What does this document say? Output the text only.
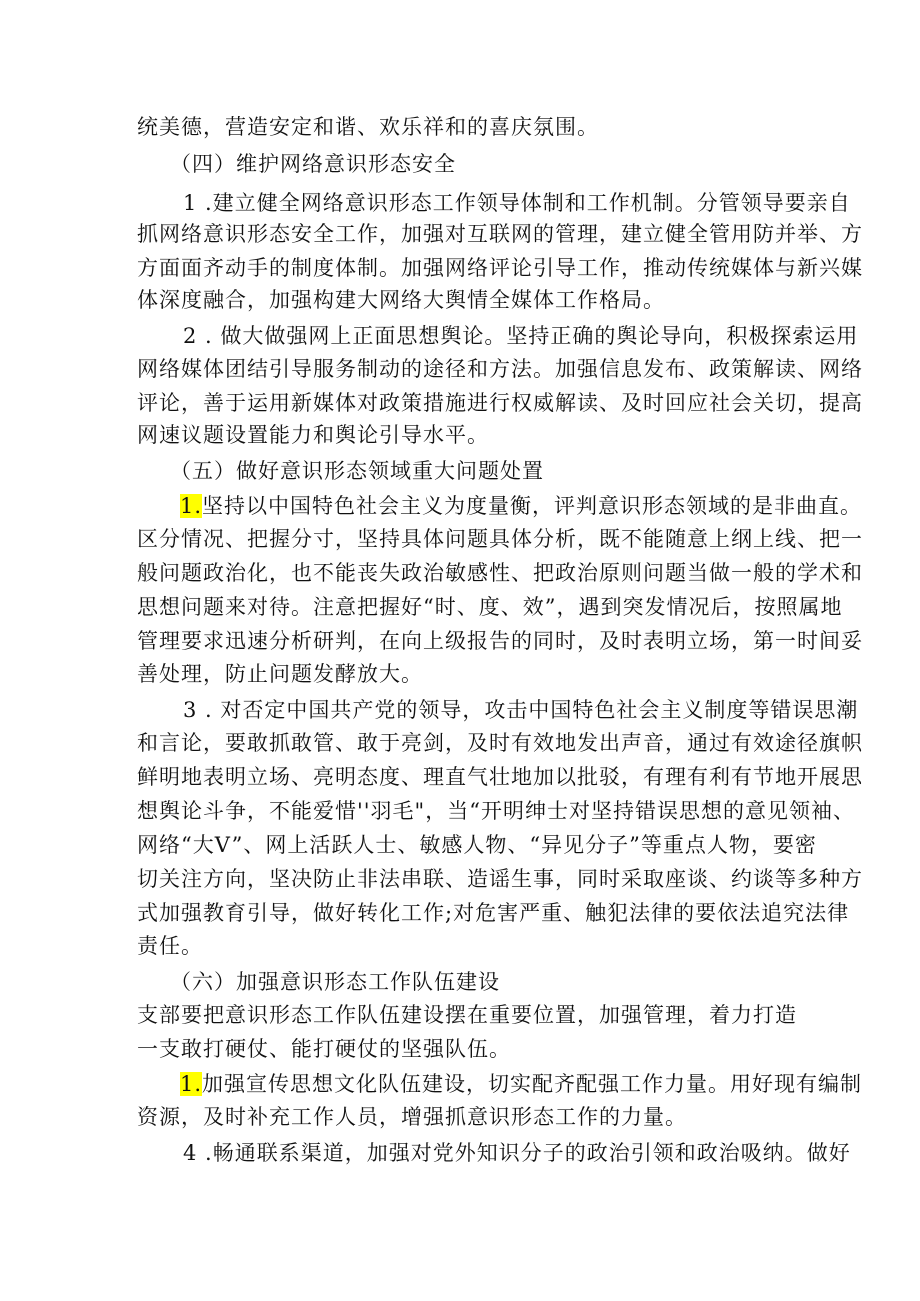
统美德，营造安定和谐、欢乐祥和的喜庆氛围。
（四）维护网络意识形态安全
1 .建立健全网络意识形态工作领导体制和工作机制。分管领导要亲自
抓网络意识形态安全工作，加强对互联网的管理，建立健全管用防并举、方
方面面齐动手的制度体制。加强网络评论引导工作，推动传统媒体与新兴媒
体深度融合，加强构建大网络大舆情全媒体工作格局。
2 . 做大做强网上正面思想舆论。坚持正确的舆论导向，积极探索运用
网络媒体团结引导服务制动的途径和方法。加强信息发布、政策解读、网络
评论，善于运用新媒体对政策措施进行权威解读、及时回应社会关切，提高
网速议题设置能力和舆论引导水平。
（五）做好意识形态领域重大问题处置
1.坚持以中国特色社会主义为度量衡，评判意识形态领域的是非曲直。
区分情况、把握分寸，坚持具体问题具体分析，既不能随意上纲上线、把一
般问题政治化，也不能丧失政治敏感性、把政治原则问题当做一般的学术和
思想问题来对待。注意把握好“时、度、效”，遇到突发情况后，按照属地
管理要求迅速分析研判，在向上级报告的同时，及时表明立场，第一时间妥
善处理，防止问题发酵放大。
3 . 对否定中国共产党的领导，攻击中国特色社会主义制度等错误思潮
和言论，要敢抓敢管、敢于亮剑，及时有效地发出声音，通过有效途径旗帜
鲜明地表明立场、亮明态度、理直气壮地加以批驳，有理有利有节地开展思
想舆论斗争，不能爱惜''羽毛"，当“开明绅士对坚持错误思想的意见领袖、
网络“大V”、网上活跃人士、敏感人物、“异见分子”等重点人物，要密
切关注方向，坚决防止非法串联、造谣生事，同时采取座谈、约谈等多种方
式加强教育引导，做好转化工作;对危害严重、触犯法律的要依法追究法律
责任。
（六）加强意识形态工作队伍建设
支部要把意识形态工作队伍建设摆在重要位置，加强管理，着力打造
一支敢打硬仗、能打硬仗的坚强队伍。
1.加强宣传思想文化队伍建设，切实配齐配强工作力量。用好现有编制
资源，及时补充工作人员，增强抓意识形态工作的力量。
4 .畅通联系渠道，加强对党外知识分子的政治引领和政治吸纳。做好
